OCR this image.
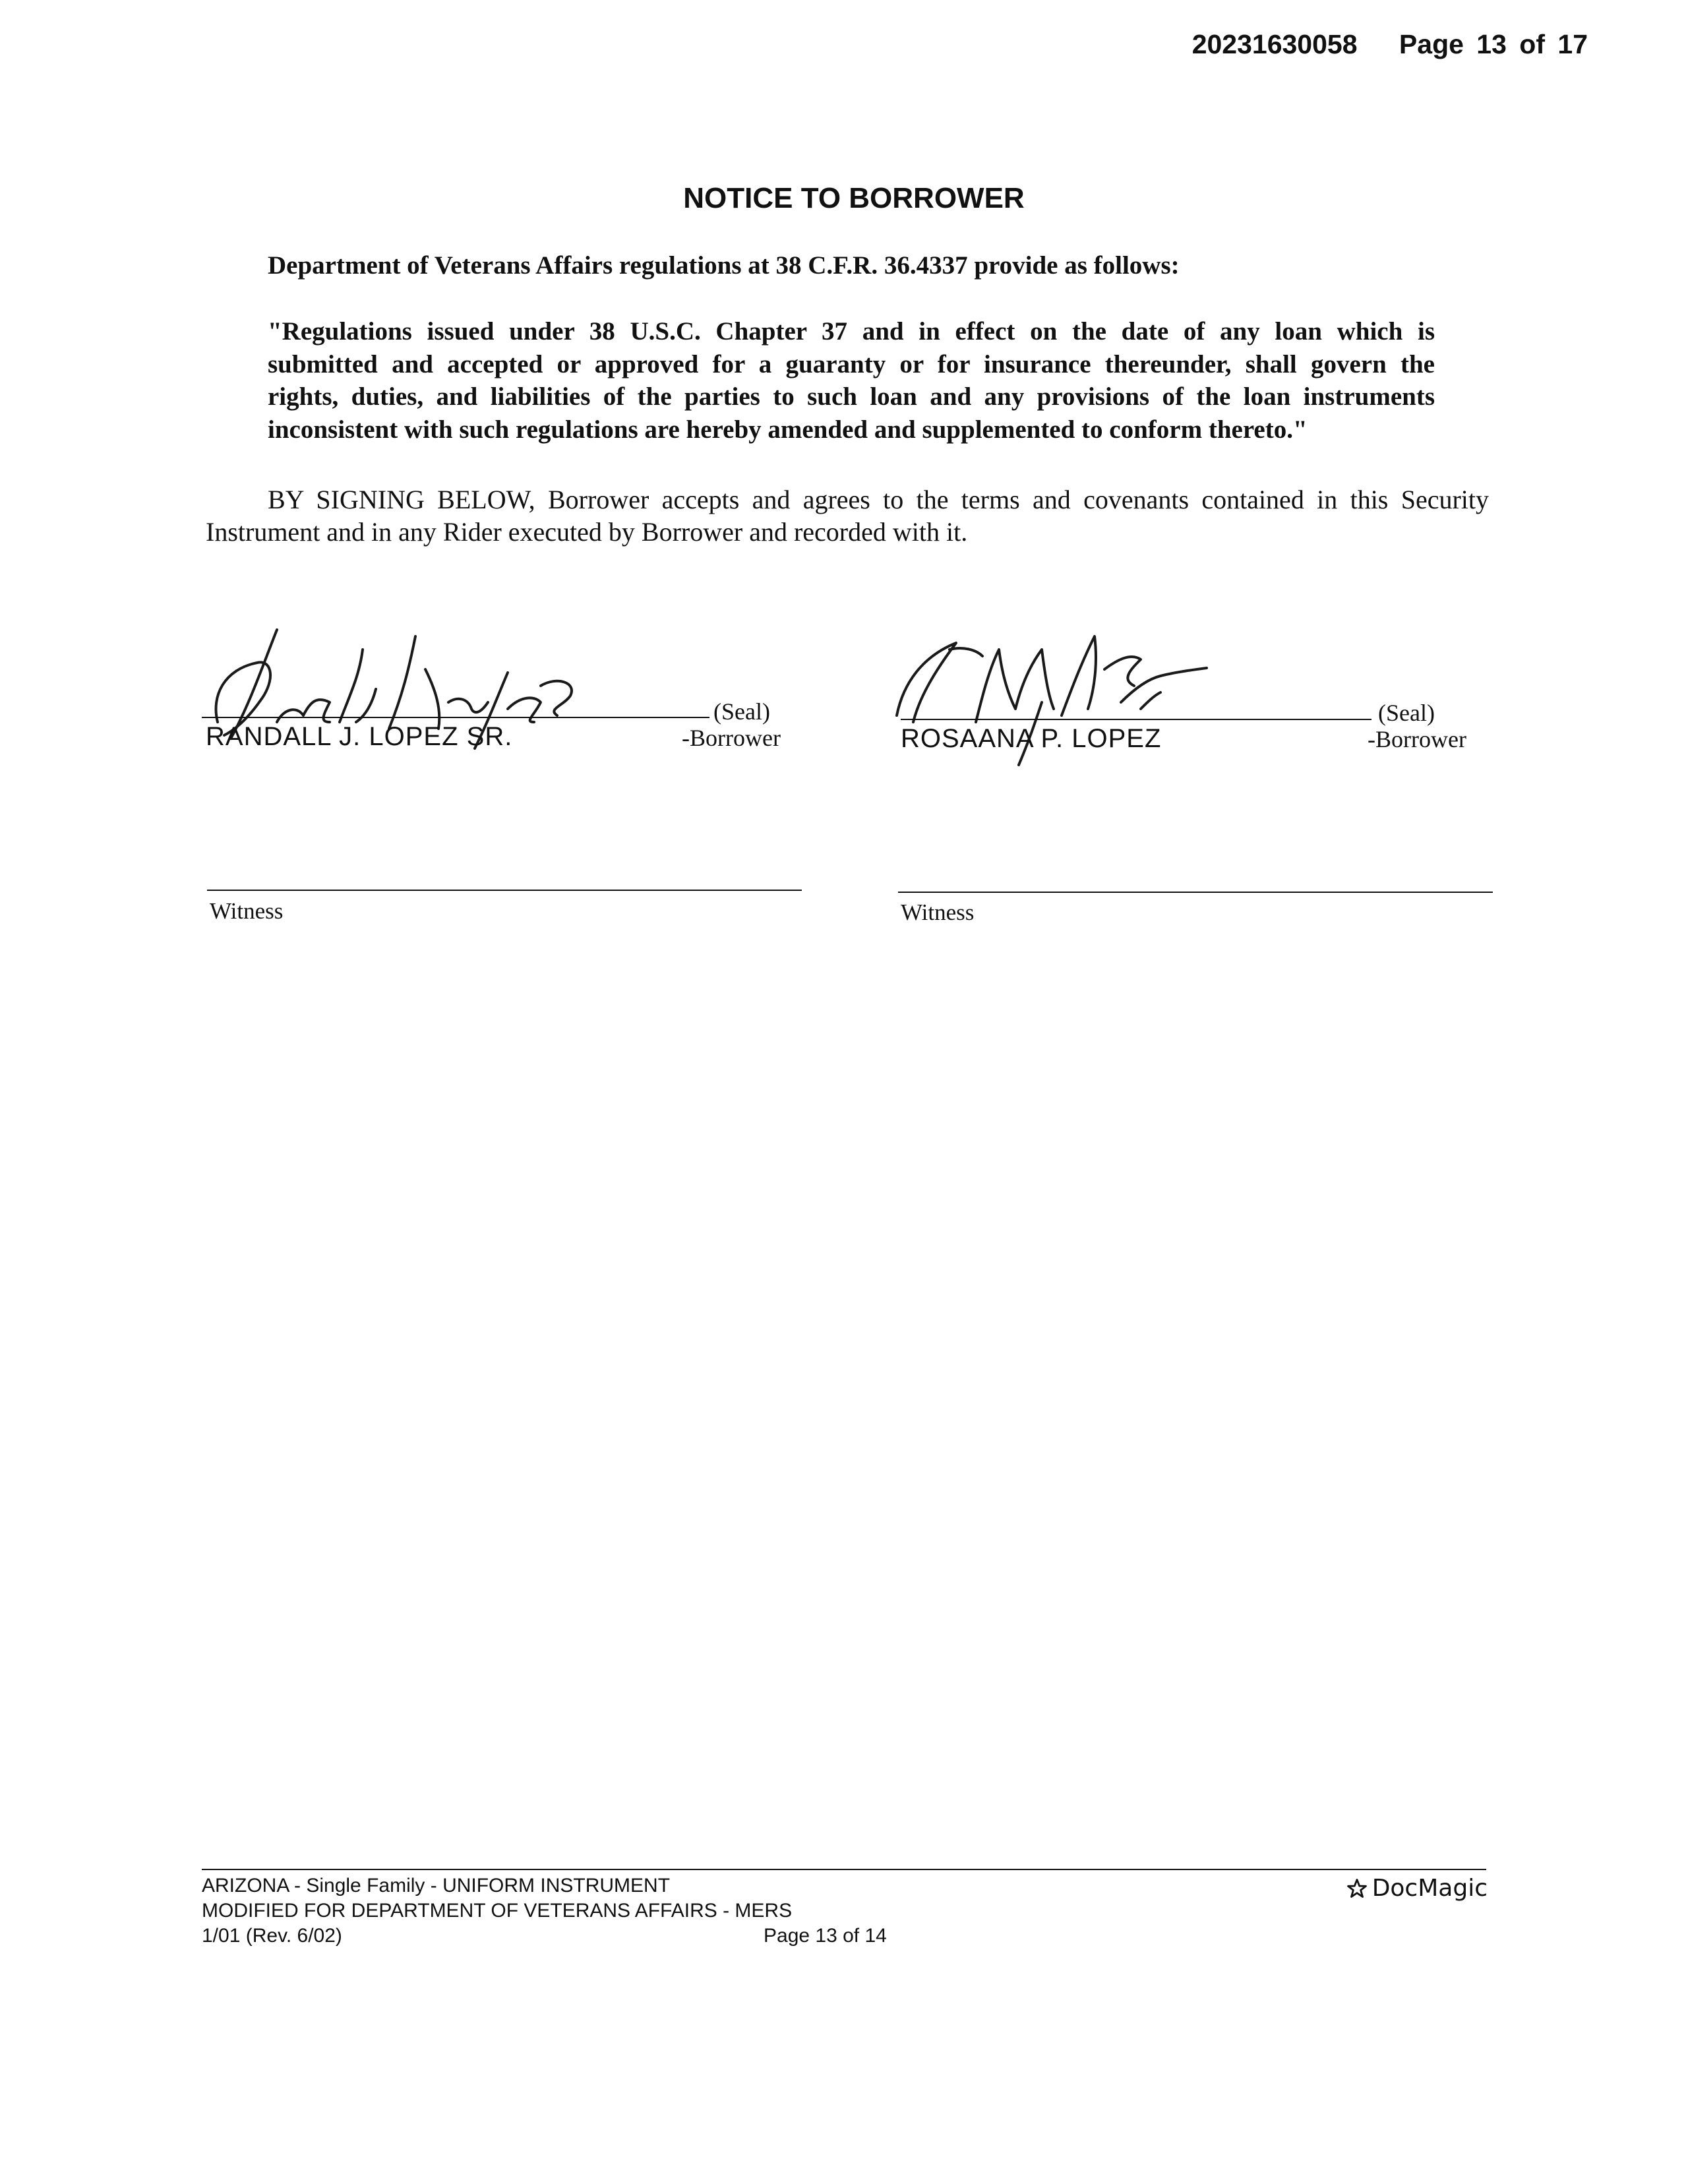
20231630058 Page 13 of 17
NOTICE TO BORROWER
Department of Veterans Affairs regulations at 38 C.F.R. 36.4337 provide as follows:
"Regulations issued under 38 U.S.C. Chapter 37 and in effect on the date of any loan which is
submitted and accepted or approved for a guaranty or for insurance thereunder, shall govern the
rights, duties, and liabilities of the parties to such loan and any provisions of the loan instruments
inconsistent with such regulations are hereby amended and supplemented to conform thereto."
BY SIGNING BELOW, Borrower accepts and agrees to the terms and covenants contained in this Security Instrument and in any Rider executed by Borrower and recorded with it.
(Seal)
RANDALL J. LOPEZ SR.	-Borrower
(Seal)
ROSAANA P. LOPEZ	-Borrower
Witness	Witness
ARIZONA - Single Family - UNIFORM INSTRUMENT
MODIFIED FOR DEPARTMENT OF VETERANS AFFAIRS - MERS
1/01 (Rev. 6/02)	Page 13 of 14
DocMagic
